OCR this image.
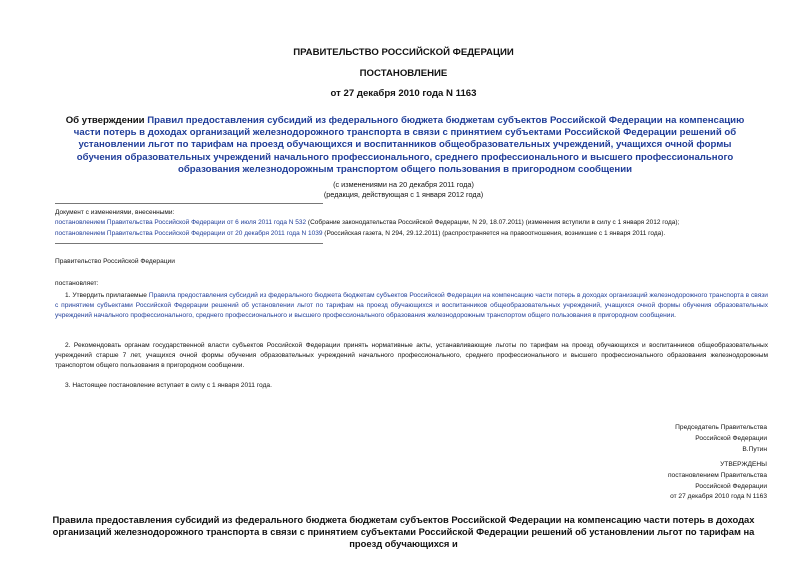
ПРАВИТЕЛЬСТВО РОССИЙСКОЙ ФЕДЕРАЦИИ
ПОСТАНОВЛЕНИЕ
от 27 декабря 2010 года N 1163
Об утверждении Правил предоставления субсидий из федерального бюджета бюджетам субъектов Российской Федерации на компенсацию части потерь в доходах организаций железнодорожного транспорта в связи с принятием субъектами Российской Федерации решений об установлении льгот по тарифам на проезд обучающихся и воспитанников общеобразовательных учреждений, учащихся очной формы обучения образовательных учреждений начального профессионального, среднего профессионального и высшего профессионального образования железнодорожным транспортом общего пользования в пригородном сообщении
(с изменениями на 20 декабря 2011 года)
(редакция, действующая с 1 января 2012 года)
Документ с изменениями, внесенными:
постановлением Правительства Российской Федерации от 6 июля 2011 года N 532 (Собрание законодательства Российской Федерации, N 29, 18.07.2011) (изменения вступили в силу с 1 января 2012 года);
постановлением Правительства Российской Федерации от 20 декабря 2011 года N 1039 (Российская газета, N 294, 29.12.2011) (распространяется на правоотношения, возникшие с 1 января 2011 года).
Правительство Российской Федерации
постановляет:
1. Утвердить прилагаемые Правила предоставления субсидий из федерального бюджета бюджетам субъектов Российской Федерации на компенсацию части потерь в доходах организаций железнодорожного транспорта в связи с принятием субъектами Российской Федерации решений об установлении льгот по тарифам на проезд обучающихся и воспитанников общеобразовательных учреждений, учащихся очной формы обучения образовательных учреждений начального профессионального, среднего профессионального и высшего профессионального образования железнодорожным транспортом общего пользования в пригородном сообщении.
2. Рекомендовать органам государственной власти субъектов Российской Федерации принять нормативные акты, устанавливающие льготы по тарифам на проезд обучающихся и воспитанников общеобразовательных учреждений старше 7 лет, учащихся очной формы обучения образовательных учреждений начального профессионального, среднего профессионального и высшего профессионального образования железнодорожным транспортом общего пользования в пригородном сообщении.
3. Настоящее постановление вступает в силу с 1 января 2011 года.
Председатель Правительства
Российской Федерации
В.Путин
УТВЕРЖДЕНЫ
постановлением Правительства
Российской Федерации
от 27 декабря 2010 года N 1163
Правила предоставления субсидий из федерального бюджета бюджетам субъектов Российской Федерации на компенсацию части потерь в доходах организаций железнодорожного транспорта в связи с принятием субъектами Российской Федерации решений об установлении льгот по тарифам на проезд обучающихся и
